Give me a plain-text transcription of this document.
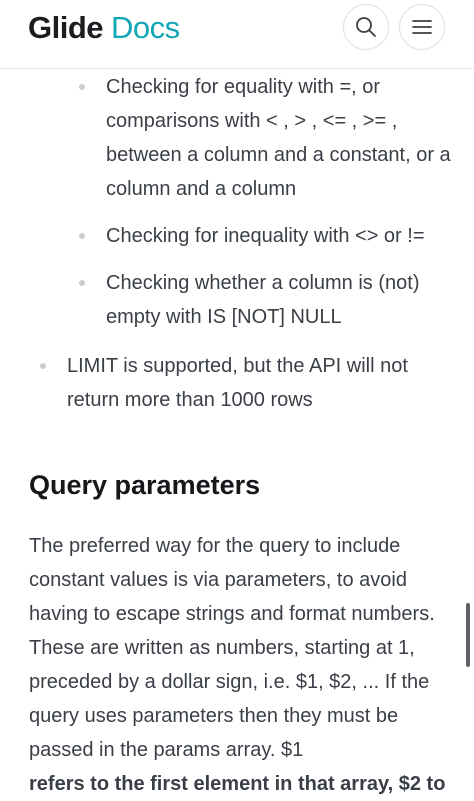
Glide Docs
Checking for equality with =, or comparisons with < , > , <= , >= , between a column and a constant, or a column and a column
Checking for inequality with <> or !=
Checking whether a column is (not) empty with IS [NOT] NULL
LIMIT is supported, but the API will not return more than 1000 rows
Query parameters

The preferred way for the query to include constant values is via parameters, to avoid having to escape strings and format numbers. These are written as numbers, starting at 1, preceded by a dollar sign, i.e. $1, $2, ... If the query uses parameters then they must be passed in the params array. $1

refers to the first element in that array, $2 to
